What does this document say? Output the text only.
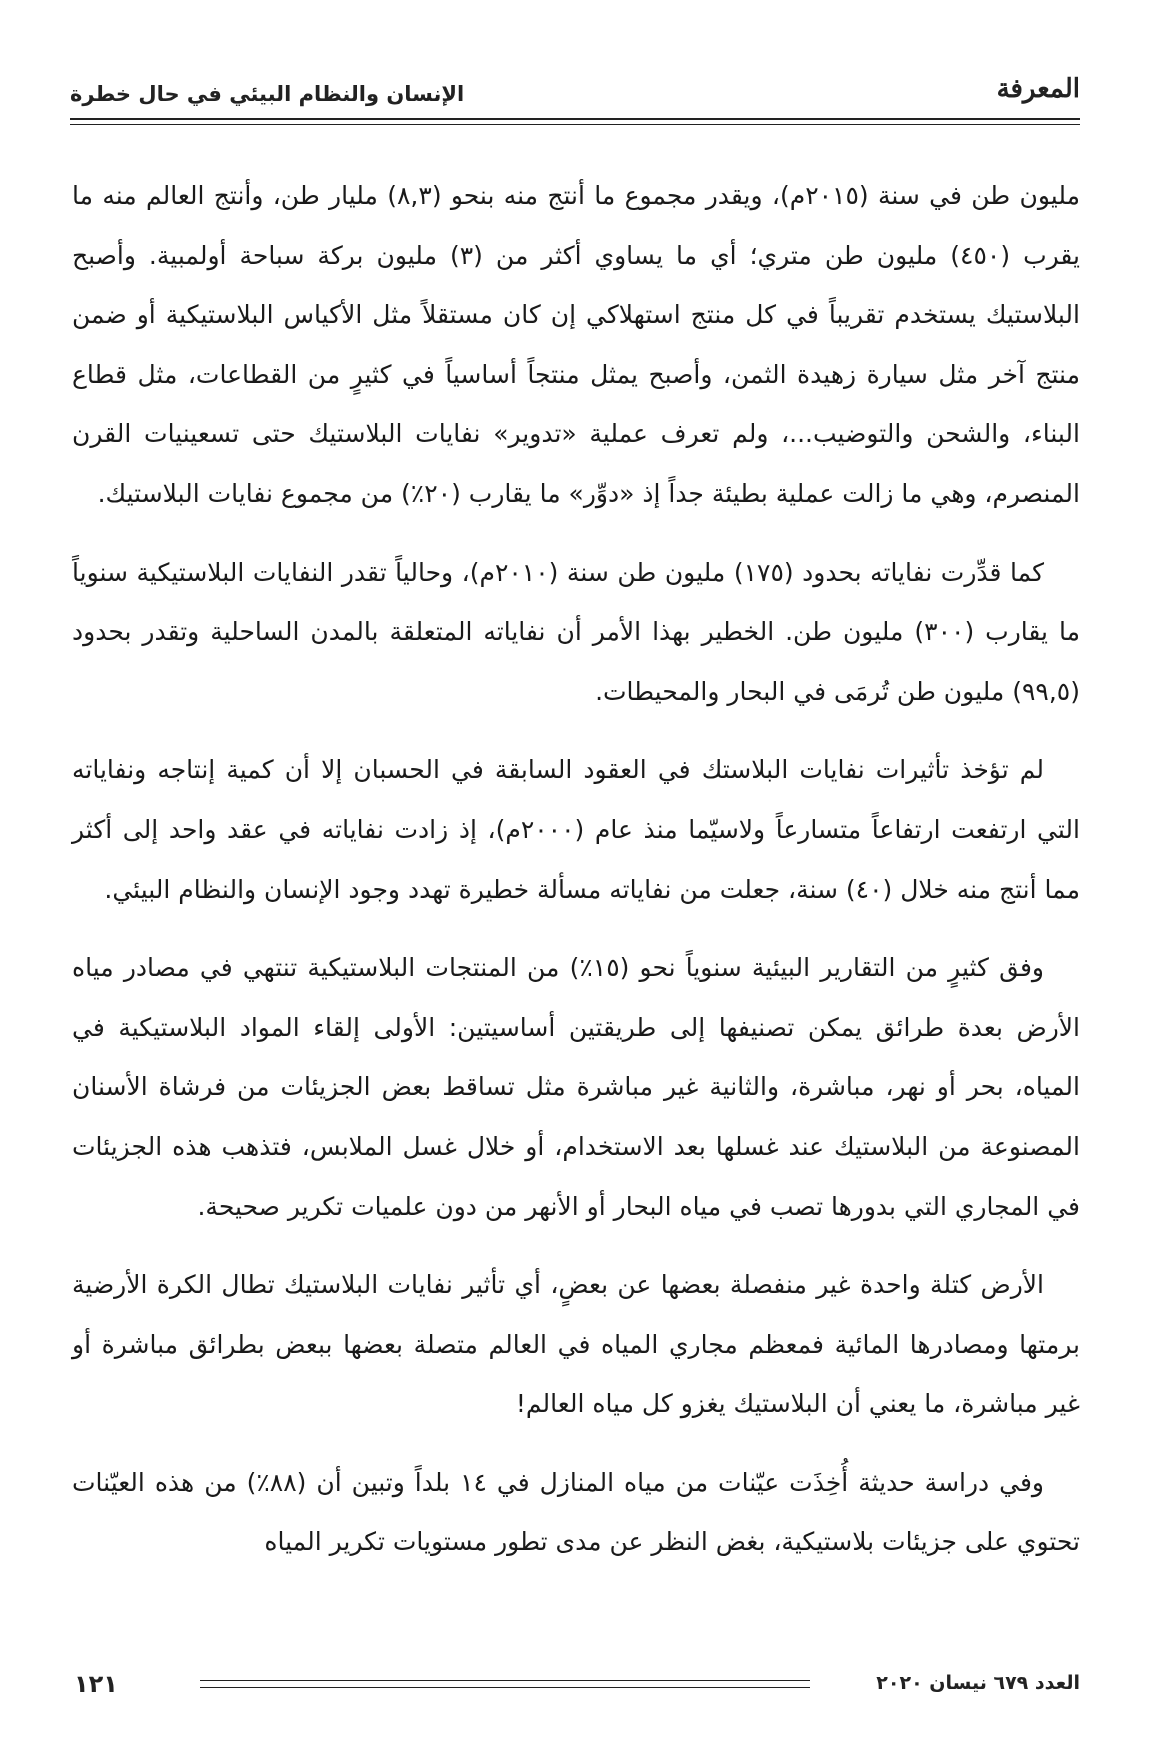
المعرفة
الإنسان والنظام البيئي في حال خطرة

مليون طن في سنة (٢٠١٥م)، ويقدر مجموع ما أنتج منه بنحو (٨,٣) مليار طن، وأنتج العالم منه ما يقرب (٤٥٠) مليون طن متري؛ أي ما يساوي أكثر من (٣) مليون بركة سباحة أولمبية. وأصبح البلاستيك يستخدم تقريباً في كل منتج استهلاكي إن كان مستقلاً مثل الأكياس البلاستيكية أو ضمن منتج آخر مثل سيارة زهيدة الثمن، وأصبح يمثل منتجاً أساسياً في كثيرٍ من القطاعات، مثل قطاع البناء، والشحن والتوضيب...، ولم تعرف عملية «تدوير» نفايات البلاستيك حتى تسعينيات القرن المنصرم، وهي ما زالت عملية بطيئة جداً إذ «دوِّر» ما يقارب (٢٠٪) من مجموع نفايات البلاستيك.

كما قدِّرت نفاياته بحدود (١٧٥) مليون طن سنة (٢٠١٠م)، وحالياً تقدر النفايات البلاستيكية سنوياً ما يقارب (٣٠٠) مليون طن. الخطير بهذا الأمر أن نفاياته المتعلقة بالمدن الساحلية وتقدر بحدود (٩٩,٥) مليون طن تُرمَى في البحار والمحيطات.

لم تؤخذ تأثيرات نفايات البلاستك في العقود السابقة في الحسبان إلا أن كمية إنتاجه ونفاياته التي ارتفعت ارتفاعاً متسارعاً ولاسيّما منذ عام (٢٠٠٠م)، إذ زادت نفاياته في عقد واحد إلى أكثر مما أنتج منه خلال (٤٠) سنة، جعلت من نفاياته مسألة خطيرة تهدد وجود الإنسان والنظام البيئي.

وفق كثيرٍ من التقارير البيئية سنوياً نحو (١٥٪) من المنتجات البلاستيكية تنتهي في مصادر مياه الأرض بعدة طرائق يمكن تصنيفها إلى طريقتين أساسيتين: الأولى إلقاء المواد البلاستيكية في المياه، بحر أو نهر، مباشرة، والثانية غير مباشرة مثل تساقط بعض الجزيئات من فرشاة الأسنان المصنوعة من البلاستيك عند غسلها بعد الاستخدام، أو خلال غسل الملابس، فتذهب هذه الجزيئات في المجاري التي بدورها تصب في مياه البحار أو الأنهر من دون علميات تكرير صحيحة.

الأرض كتلة واحدة غير منفصلة بعضها عن بعضٍ، أي تأثير نفايات البلاستيك تطال الكرة الأرضية برمتها ومصادرها المائية فمعظم مجاري المياه في العالم متصلة بعضها ببعض بطرائق مباشرة أو غير مباشرة، ما يعني أن البلاستيك يغزو كل مياه العالم!

وفي دراسة حديثة أُخِذَت عيّنات من مياه المنازل في ١٤ بلداً وتبين أن (٨٨٪) من هذه العيّنات تحتوي على جزيئات بلاستيكية، بغض النظر عن مدى تطور مستويات تكرير المياه

العدد ٦٧٩ نيسان ٢٠٢٠
١٢١
